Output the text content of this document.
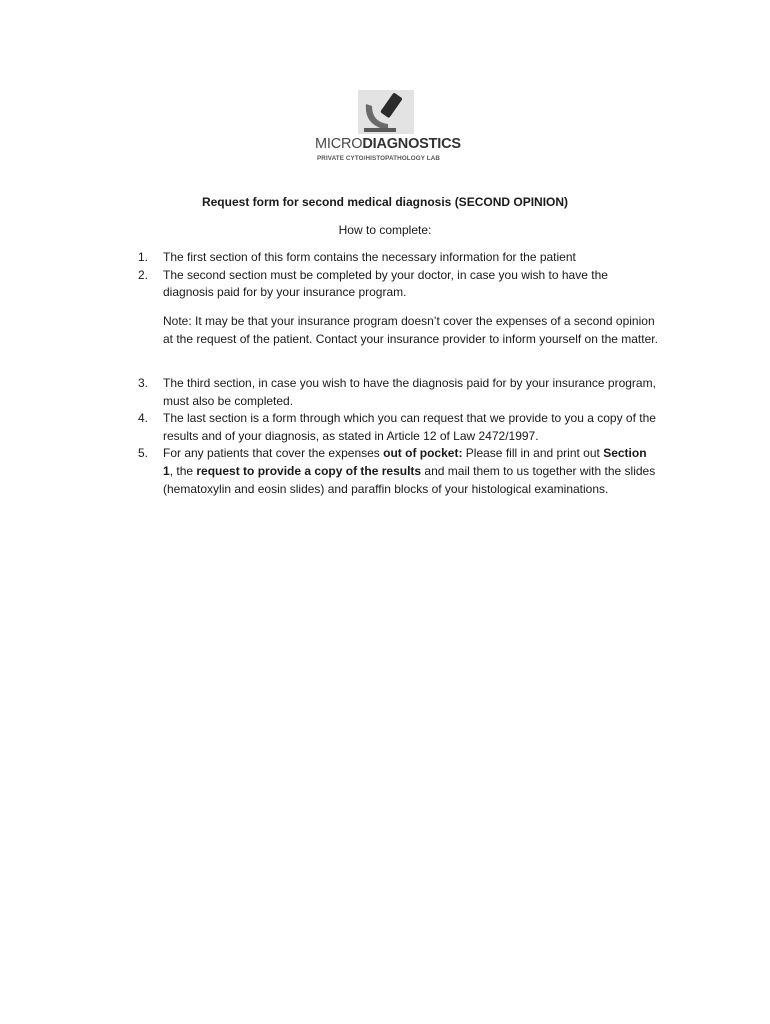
MICRODIAGNOSTICS
PRIVATE CYTO/HISTOPATHOLOGY LAB
Request form for second medical diagnosis (SECOND OPINION)
How to complete:
1. The first section of this form contains the necessary information for the patient
2. The second section must be completed by your doctor, in case you wish to have the diagnosis paid for by your insurance program.
Note: It may be that your insurance program doesn’t cover the expenses of a second opinion at the request of the patient. Contact your insurance provider to inform yourself on the matter.
3. The third section, in case you wish to have the diagnosis paid for by your insurance program, must also be completed.
4. The last section is a form through which you can request that we provide to you a copy of the results and of your diagnosis, as stated in Article 12 of Law 2472/1997.
5. For any patients that cover the expenses out of pocket: Please fill in and print out Section 1, the request to provide a copy of the results and mail them to us together with the slides (hematoxylin and eosin slides) and paraffin blocks of your histological examinations.
